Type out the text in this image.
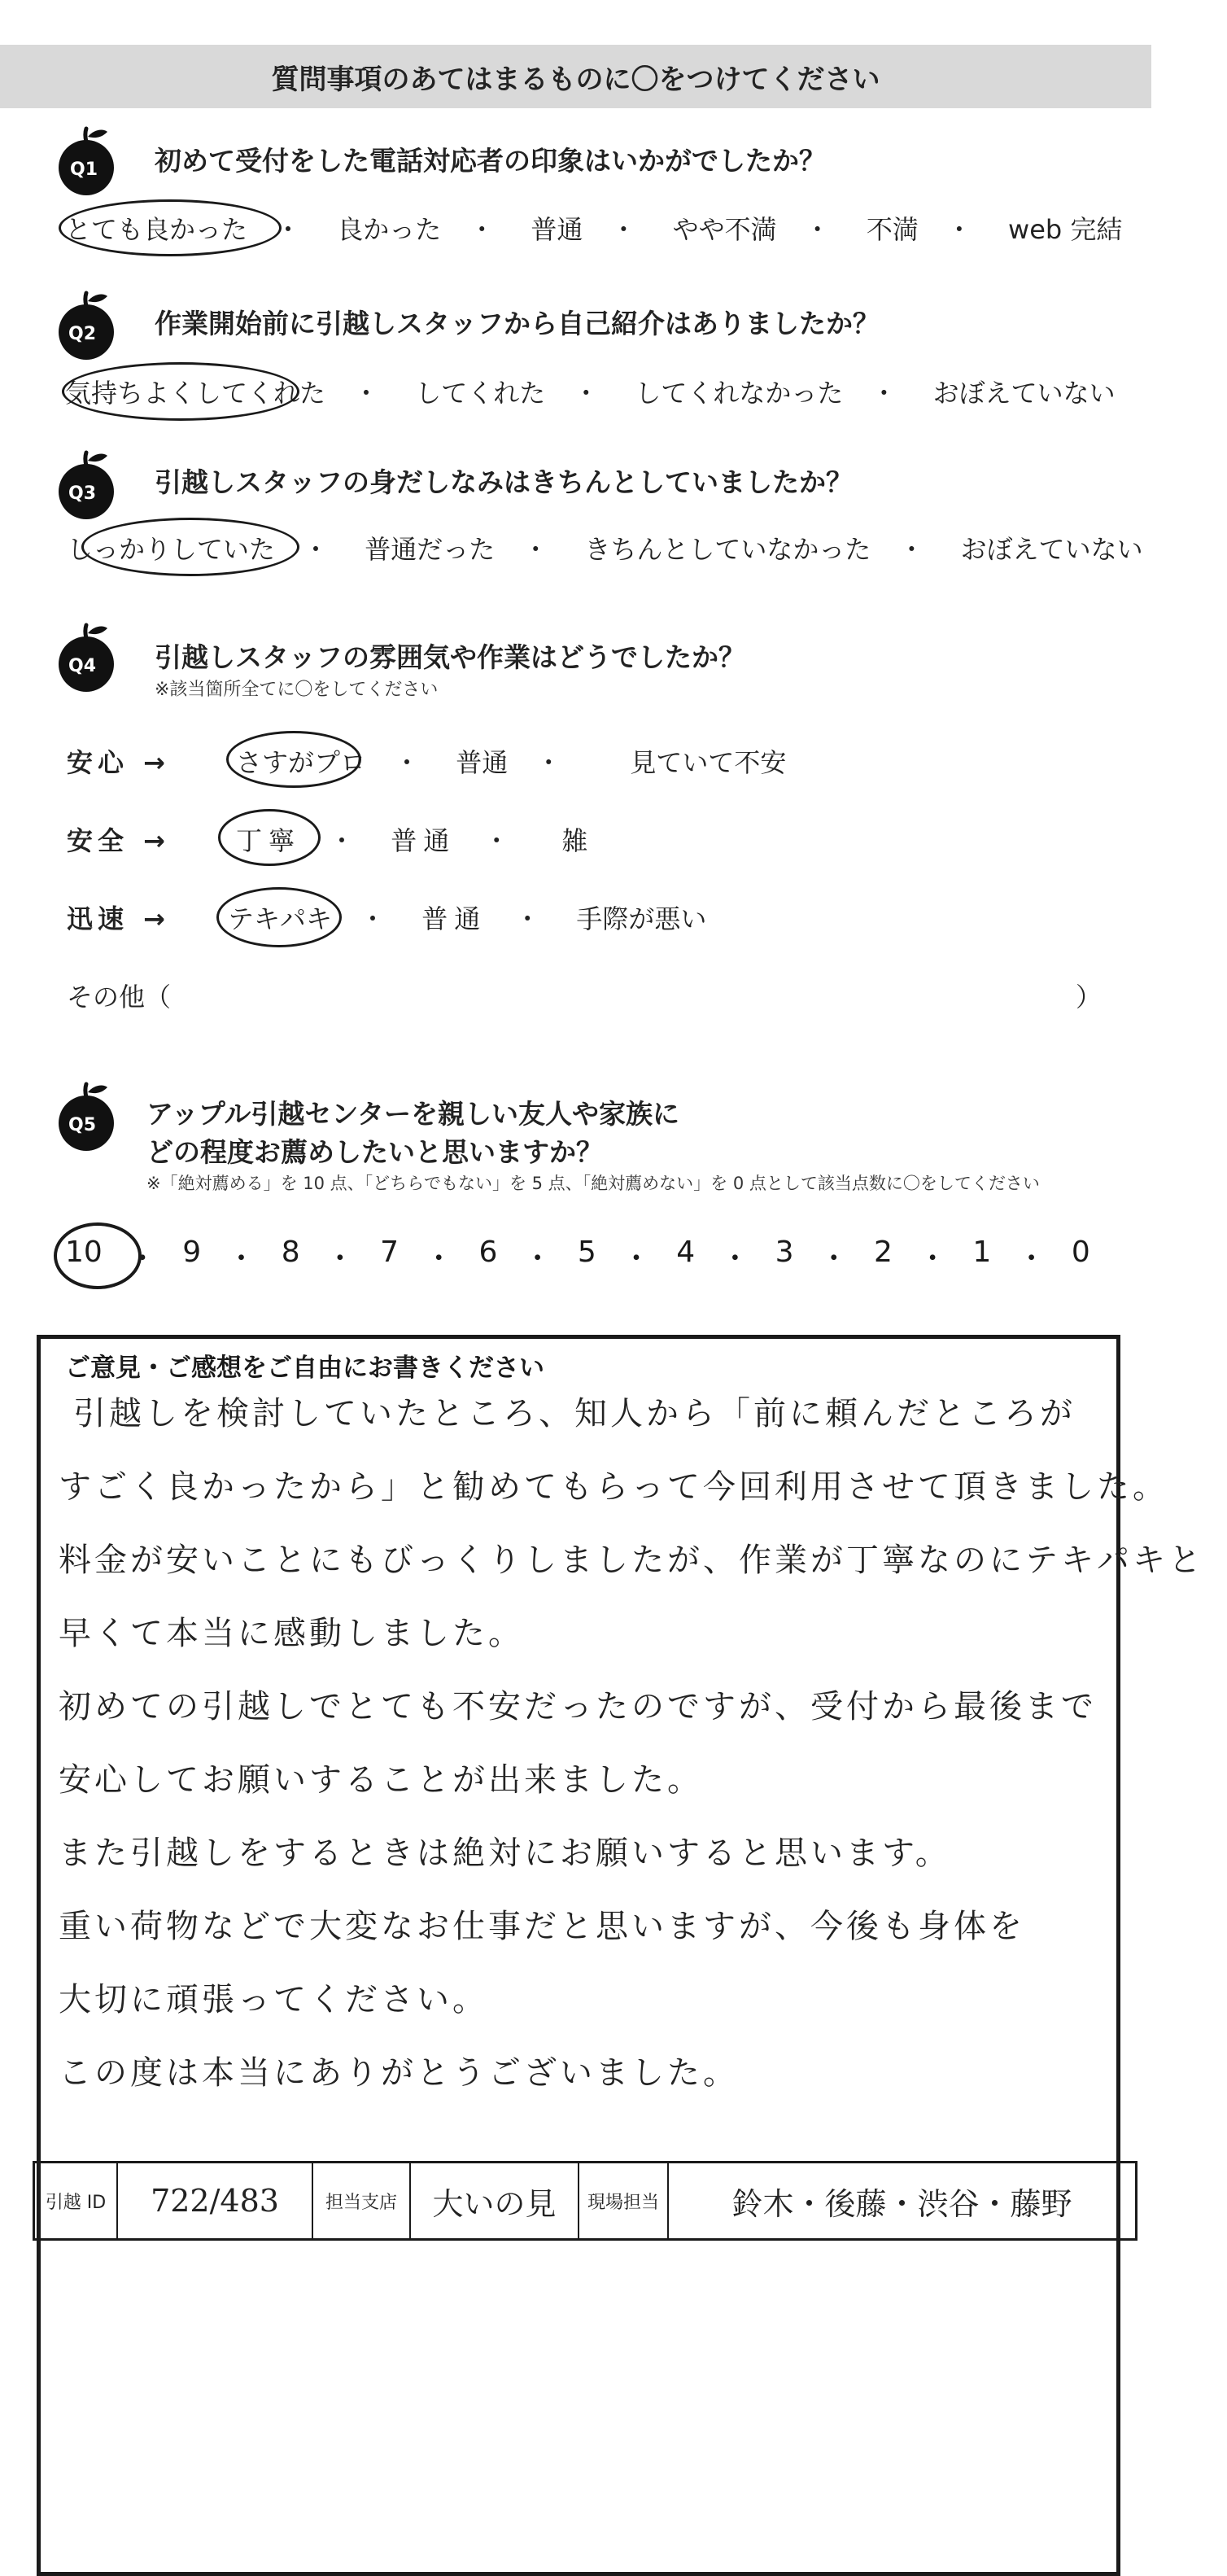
質問事項のあてはまるものに〇をつけてください
Q1 初めて受付をした電話対応者の印象はいかがでしたか？
とても良かった ・ 良かった ・ 普通 ・ やや不満 ・ 不満 ・ web 完結
Q2 作業開始前に引越しスタッフから自己紹介はありましたか？
気持ちよくしてくれた ・ してくれた ・ してくれなかった ・ おぼえていない
Q3 引越しスタッフの身だしなみはきちんとしていましたか？
しっかりしていた ・ 普通だった ・ きちんとしていなかった ・ おぼえていない
Q4 引越しスタッフの雰囲気や作業はどうでしたか？
※該当箇所全てに〇をしてください
安心 →	さすがプロ ・ 普通 ・	見ていて不安
安全 →	丁寧 ・ 普通 ・ 雑
迅速 → テキパキ ・ 普通 ・ 手際が悪い
その他（	）
Q5 アップル引越センターを親しい友人や家族に
どの程度お薦めしたいと思いますか？
※「絶対薦める」を 10 点、「どちらでもない」を 5 点、「絶対薦めない」を 0 点として該当点数に〇をしてください
10 ・ 9 ・ 8 ・ 7 ・ 6 ・ 5 ・ 4 ・ 3 ・ 2 ・ 1 ・ 0
ご意見・ご感想をご自由にお書きください
引越しを検討していたところ、知人から「前に頼んだところが
すごく良かったから」と勧めてもらって今回利用させて頂きました。
料金が安いことにもびっくりしましたが、作業が丁寧なのにテキパキと
早くて本当に感動しました。
初めての引越しでとても不安だったのですが、受付から最後まで
安心してお願いすることが出来ました。
また引越しをするときは絶対にお願いすると思います。
重い荷物などで大変なお仕事だと思いますが、今後も身体を
大切に頑張ってください。
この度は本当にありがとうございました。
引越 ID 722/483	担当支店 大いの見 現場担当 鈴木・後藤・渋谷・藤野
